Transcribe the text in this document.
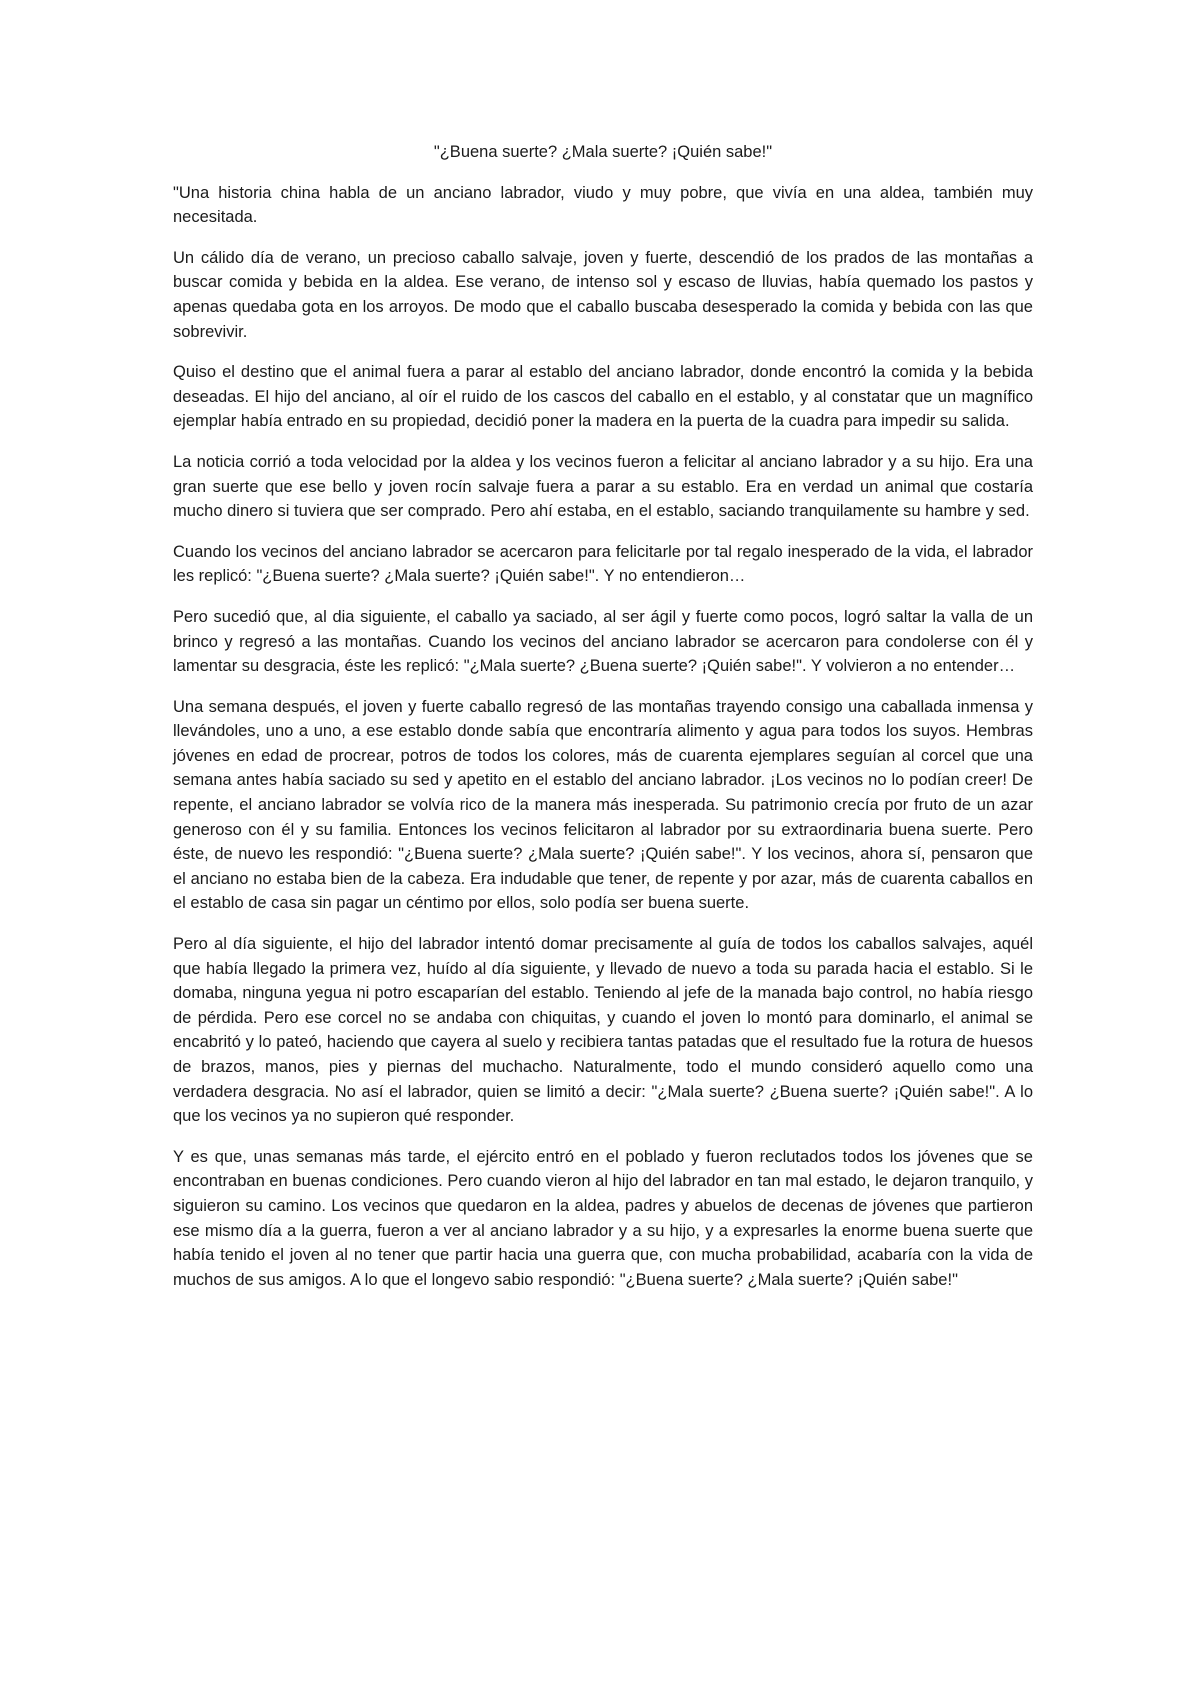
"¿Buena suerte? ¿Mala suerte? ¡Quién sabe!"

"Una historia china habla de un anciano labrador, viudo y muy pobre, que vivía en una aldea, también muy necesitada.

Un cálido día de verano, un precioso caballo salvaje, joven y fuerte, descendió de los prados de las montañas a buscar comida y bebida en la aldea. Ese verano, de intenso sol y escaso de lluvias, había quemado los pastos y apenas quedaba gota en los arroyos. De modo que el caballo buscaba desesperado la comida y bebida con las que sobrevivir.

Quiso el destino que el animal fuera a parar al establo del anciano labrador, donde encontró la comida y la bebida deseadas. El hijo del anciano, al oír el ruido de los cascos del caballo en el establo, y al constatar que un magnífico ejemplar había entrado en su propiedad, decidió poner la madera en la puerta de la cuadra para impedir su salida.

La noticia corrió a toda velocidad por la aldea y los vecinos fueron a felicitar al anciano labrador y a su hijo. Era una gran suerte que ese bello y joven rocín salvaje fuera a parar a su establo. Era en verdad un animal que costaría mucho dinero si tuviera que ser comprado. Pero ahí estaba, en el establo, saciando tranquilamente su hambre y sed.

Cuando los vecinos del anciano labrador se acercaron para felicitarle por tal regalo inesperado de la vida, el labrador les replicó: "¿Buena suerte? ¿Mala suerte? ¡Quién sabe!". Y no entendieron…

Pero sucedió que, al dia siguiente, el caballo ya saciado, al ser ágil y fuerte como pocos, logró saltar la valla de un brinco y regresó a las montañas. Cuando los vecinos del anciano labrador se acercaron para condolerse con él y lamentar su desgracia, éste les replicó: "¿Mala suerte? ¿Buena suerte? ¡Quién sabe!". Y volvieron a no entender…

Una semana después, el joven y fuerte caballo regresó de las montañas trayendo consigo una caballada inmensa y llevándoles, uno a uno, a ese establo donde sabía que encontraría alimento y agua para todos los suyos. Hembras jóvenes en edad de procrear, potros de todos los colores, más de cuarenta ejemplares seguían al corcel que una semana antes había saciado su sed y apetito en el establo del anciano labrador. ¡Los vecinos no lo podían creer! De repente, el anciano labrador se volvía rico de la manera más inesperada. Su patrimonio crecía por fruto de un azar generoso con él y su familia. Entonces los vecinos felicitaron al labrador por su extraordinaria buena suerte. Pero éste, de nuevo les respondió: "¿Buena suerte? ¿Mala suerte? ¡Quién sabe!". Y los vecinos, ahora sí, pensaron que el anciano no estaba bien de la cabeza. Era indudable que tener, de repente y por azar, más de cuarenta caballos en el establo de casa sin pagar un céntimo por ellos, solo podía ser buena suerte.

Pero al día siguiente, el hijo del labrador intentó domar precisamente al guía de todos los caballos salvajes, aquél que había llegado la primera vez, huído al día siguiente, y llevado de nuevo a toda su parada hacia el establo. Si le domaba, ninguna yegua ni potro escaparían del establo. Teniendo al jefe de la manada bajo control, no había riesgo de pérdida. Pero ese corcel no se andaba con chiquitas, y cuando el joven lo montó para dominarlo, el animal se encabritó y lo pateó, haciendo que cayera al suelo y recibiera tantas patadas que el resultado fue la rotura de huesos de brazos, manos, pies y piernas del muchacho. Naturalmente, todo el mundo consideró aquello como una verdadera desgracia. No así el labrador, quien se limitó a decir: "¿Mala suerte? ¿Buena suerte? ¡Quién sabe!". A lo que los vecinos ya no supieron qué responder.

Y es que, unas semanas más tarde, el ejército entró en el poblado y fueron reclutados todos los jóvenes que se encontraban en buenas condiciones. Pero cuando vieron al hijo del labrador en tan mal estado, le dejaron tranquilo, y siguieron su camino. Los vecinos que quedaron en la aldea, padres y abuelos de decenas de jóvenes que partieron ese mismo día a la guerra, fueron a ver al anciano labrador y a su hijo, y a expresarles la enorme buena suerte que había tenido el joven al no tener que partir hacia una guerra que, con mucha probabilidad, acabaría con la vida de muchos de sus amigos. A lo que el longevo sabio respondió: "¿Buena suerte? ¿Mala suerte? ¡Quién sabe!"
